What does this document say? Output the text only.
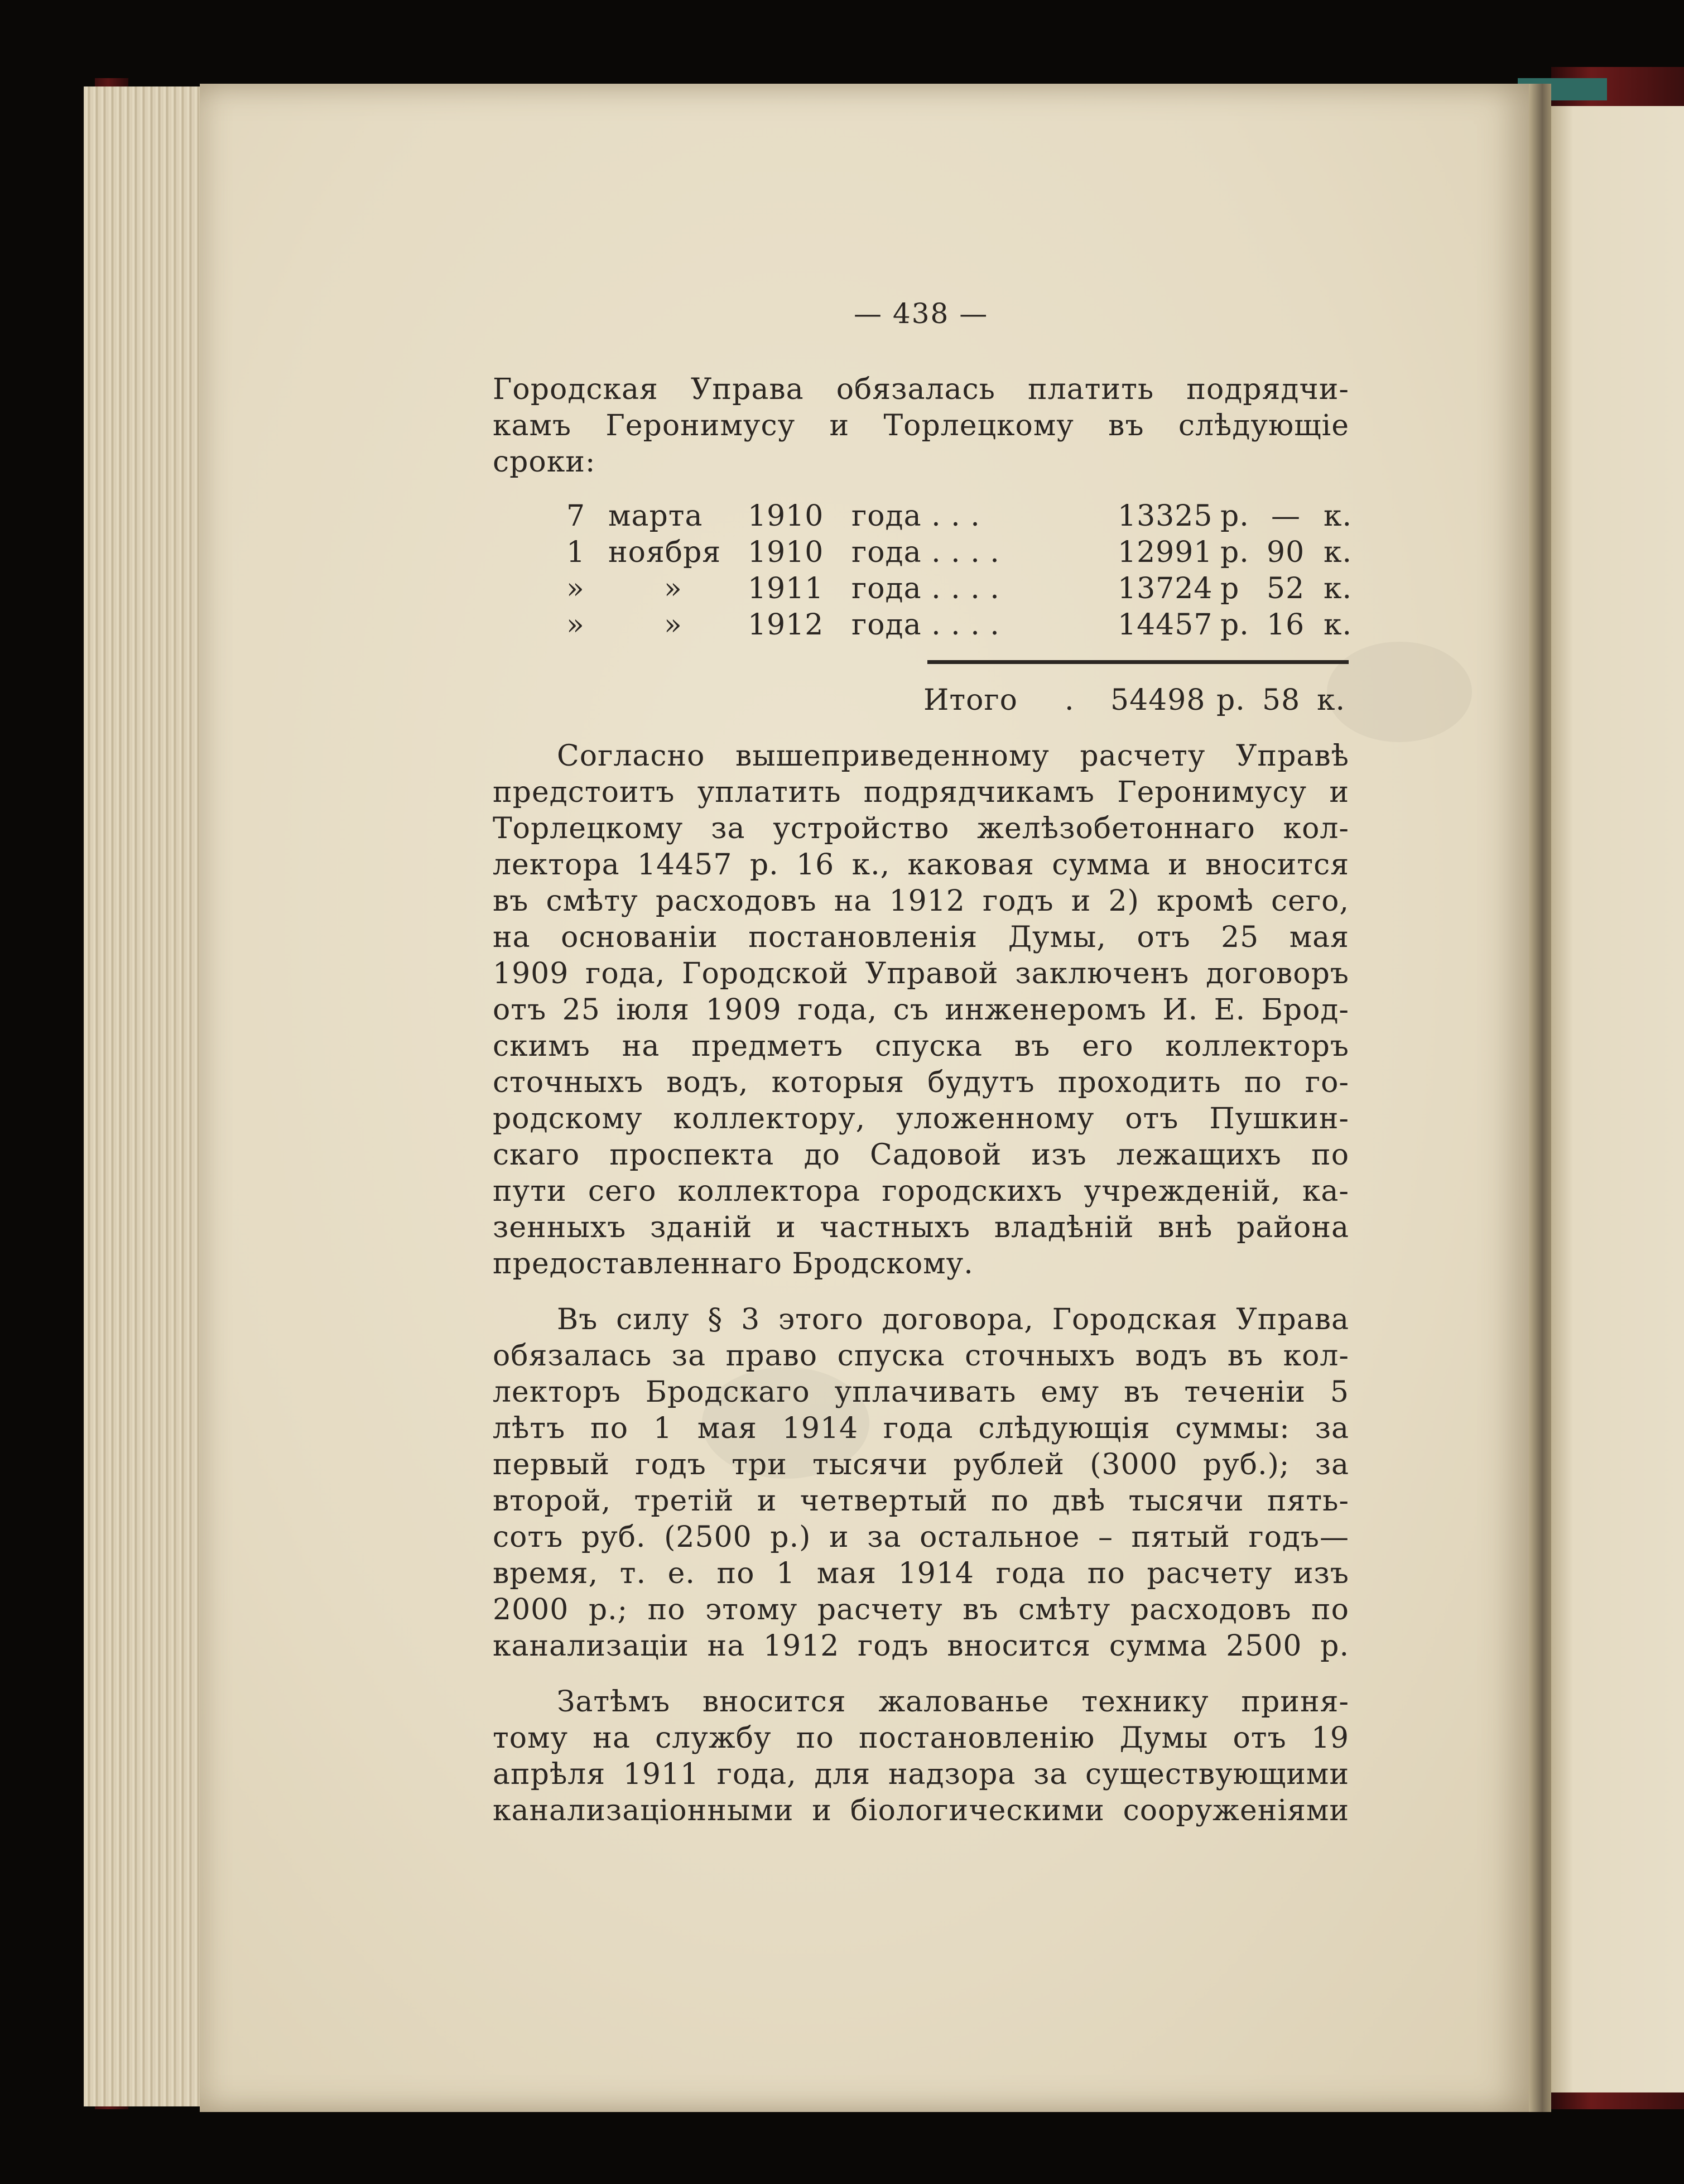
— 438 —
Городская Управа обязалась платить подрядчи-
камъ Геронимусу и Торлецкому въ слѣдующіе
сроки:
7 марта 1910 года . . .	13325 р. — к.
1 ноября 1910 года . . . .	12991 р. 90 к.
»	» 1911 года . . . .	13724 р 52 к.
»	» 1912 года . . . .	14457 р. 16 к.
Итого . 54498 р. 58 к.
Согласно вышеприведенному расчету Управѣ
предстоитъ уплатить подрядчикамъ Геронимусу и
Торлецкому за устройство желѣзобетоннаго кол-
лектора 14457 р. 16 к., каковая сумма и вносится
въ смѣту расходовъ на 1912 годъ и 2) кромѣ сего,
на основаніи постановленія Думы, отъ 25 мая
1909 года, Городской Управой заключенъ договоръ
отъ 25 іюля 1909 года, съ инженеромъ И. Е. Брод-
скимъ на предметъ спуска въ его коллекторъ
сточныхъ водъ, которыя будутъ проходить по го-
родскому коллектору, уложенному отъ Пушкин-
скаго проспекта до Садовой изъ лежащихъ по
пути сего коллектора городскихъ учрежденій, ка-
зенныхъ зданій и частныхъ владѣній внѣ района
предоставленнаго Бродскому.
Въ силу § 3 этого договора, Городская Управа
обязалась за право спуска сточныхъ водъ въ кол-
лекторъ Бродскаго уплачивать ему въ теченіи 5
лѣтъ по 1 мая 1914 года слѣдующія суммы: за
первый годъ три тысячи рублей (3000 руб.); за
второй, третій и четвертый по двѣ тысячи пять-
сотъ руб. (2500 р.) и за остальное – пятый годъ—
время, т. е. по 1 мая 1914 года по расчету изъ
2000 р.; по этому расчету въ смѣту расходовъ по
канализаціи на 1912 годъ вносится сумма 2500 р.
Затѣмъ вносится жалованье технику приня-
тому на службу по постановленію Думы отъ 19
апрѣля 1911 года, для надзора за существующими
канализаціонными и біологическими сооруженіями
